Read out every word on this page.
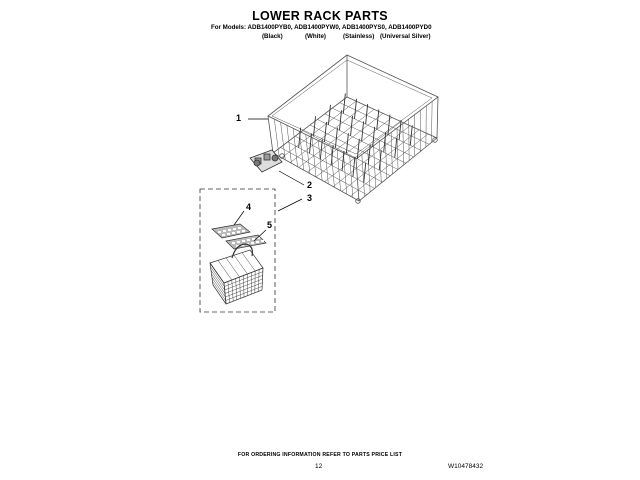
LOWER RACK PARTS
For Models: ADB1400PYB0, ADB1400PYW0, ADB1400PYS0, ADB1400PYD0
(Black)	(White)	(Stainless) (Universal Silver)
1
2
3
4
5
FOR ORDERING INFORMATION REFER TO PARTS PRICE LIST
12	W10478432
